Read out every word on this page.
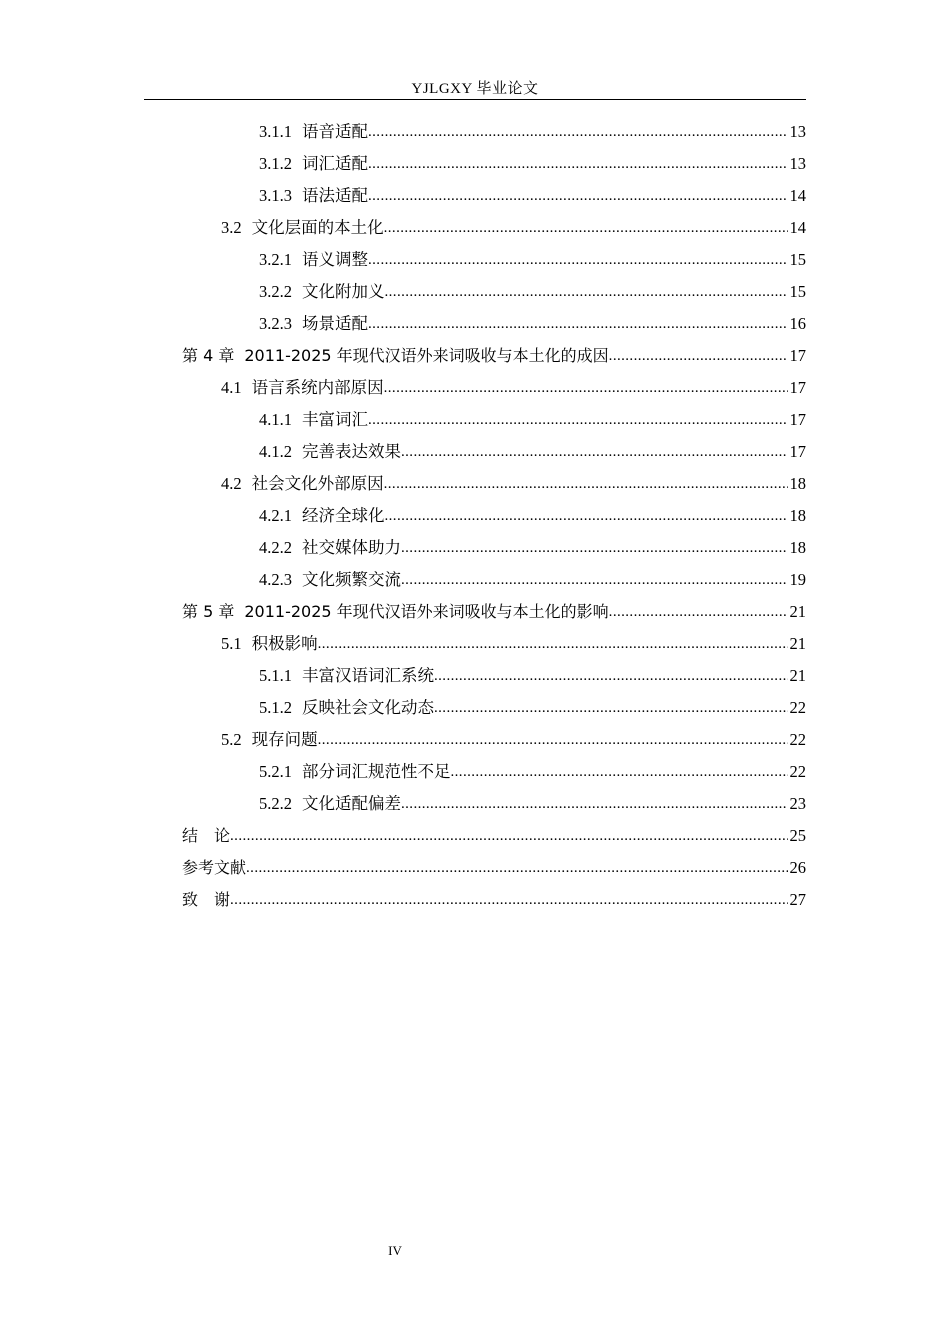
YJLGXY 毕业论文
3.1.1 语音适配 .....	13
3.1.2 词汇适配 .....	13
3.1.3 语法适配 .....	14
3.2 文化层面的本土化 .....	14
3.2.1 语义调整 .....	15
3.2.2 文化附加义 .....	15
3.2.3 场景适配 .....	16
第 4 章 2011-2025 年现代汉语外来词吸收与本土化的成因 .....	17
4.1 语言系统内部原因 .....	17
4.1.1 丰富词汇 .....	17
4.1.2 完善表达效果 .....	17
4.2 社会文化外部原因 .....	18
4.2.1 经济全球化 .....	18
4.2.2 社交媒体助力 .....	18
4.2.3 文化频繁交流 .....	19
第 5 章 2011-2025 年现代汉语外来词吸收与本土化的影响 .....	21
5.1 积极影响 .....	21
5.1.1 丰富汉语词汇系统 .....	21
5.1.2 反映社会文化动态 .....	22
5.2 现存问题 .....	22
5.2.1 部分词汇规范性不足 .....	22
5.2.2 文化适配偏差 .....	23
结　论 .....	25
参考文献 .....	26
致　谢 .....	27
IV
